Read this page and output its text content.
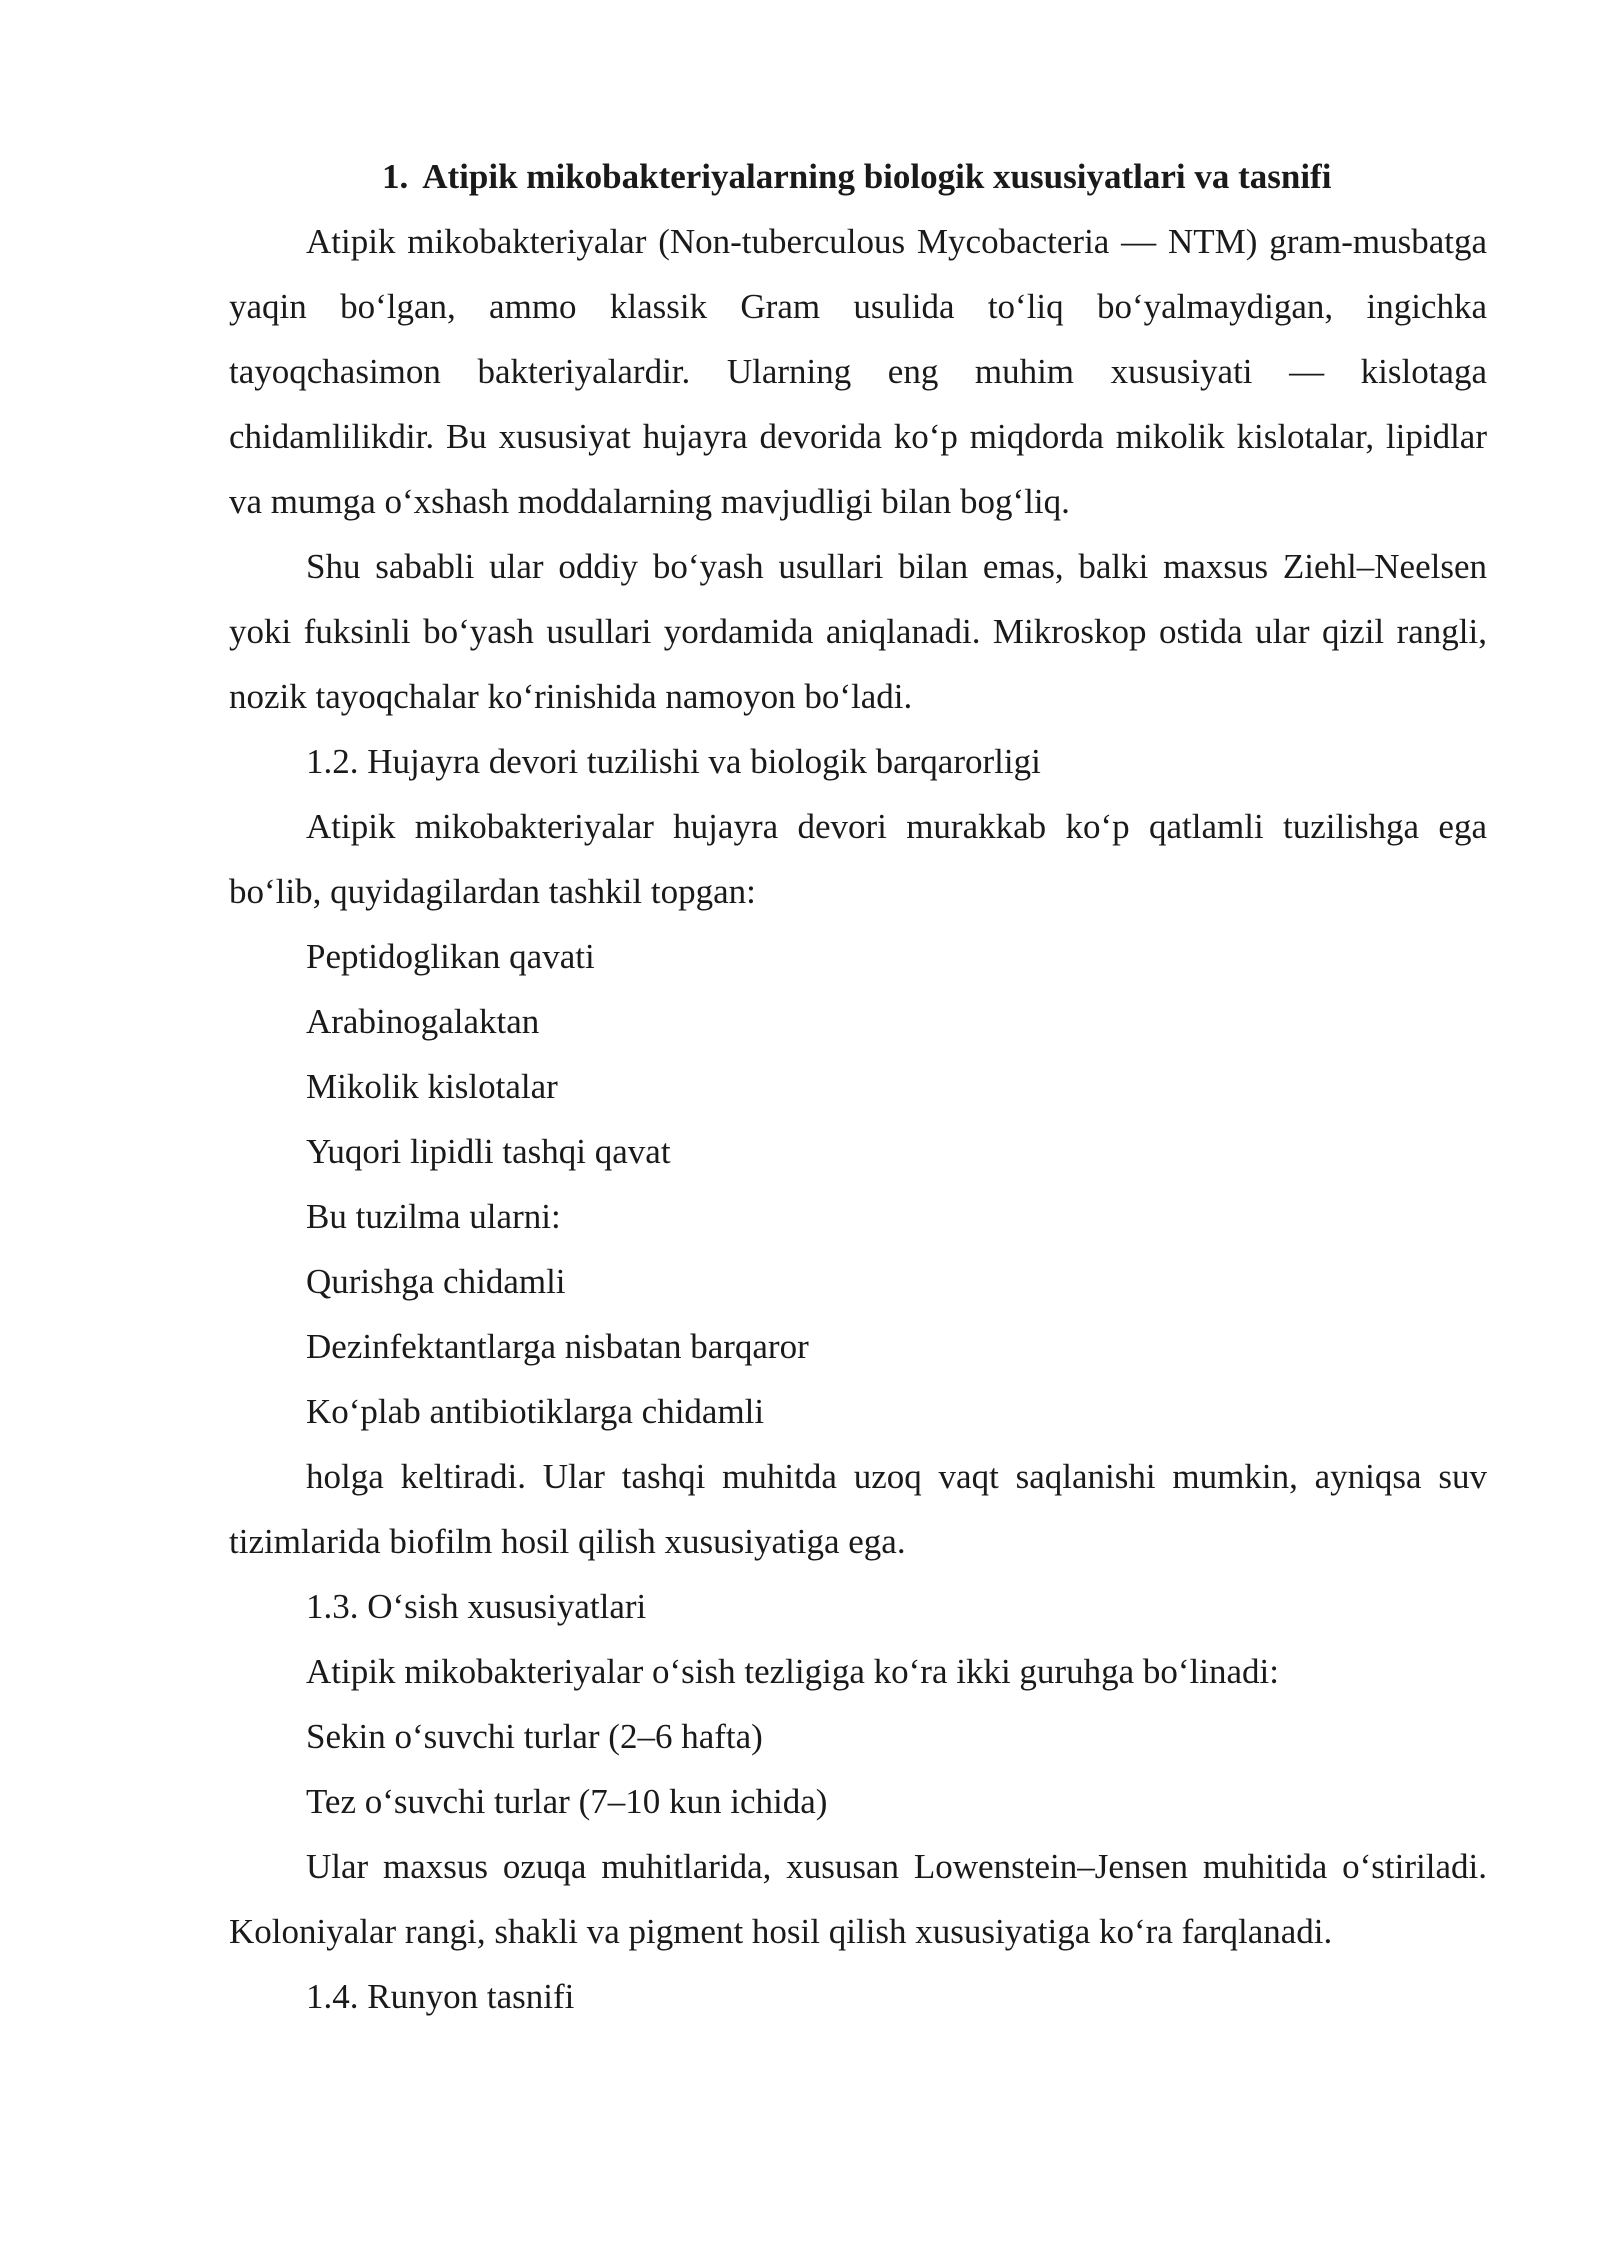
1. Atipik mikobakteriyalarning biologik xususiyatlari va tasnifi

Atipik mikobakteriyalar (Non-tuberculous Mycobacteria — NTM) gram-musbatga yaqin bo‘lgan, ammo klassik Gram usulida to‘liq bo‘yalmaydigan, ingichka tayoqchasimon bakteriyalardir. Ularning eng muhim xususiyati — kislotaga chidamlilikdir. Bu xususiyat hujayra devorida ko‘p miqdorda mikolik kislotalar, lipidlar va mumga o‘xshash moddalarning mavjudligi bilan bog‘liq.

Shu sababli ular oddiy bo‘yash usullari bilan emas, balki maxsus Ziehl–Neelsen yoki fuksinli bo‘yash usullari yordamida aniqlanadi. Mikroskop ostida ular qizil rangli, nozik tayoqchalar ko‘rinishida namoyon bo‘ladi.

1.2. Hujayra devori tuzilishi va biologik barqarorligi

Atipik mikobakteriyalar hujayra devori murakkab ko‘p qatlamli tuzilishga ega bo‘lib, quyidagilardan tashkil topgan:

Peptidoglikan qavati

Arabinogalaktan

Mikolik kislotalar

Yuqori lipidli tashqi qavat

Bu tuzilma ularni:

Qurishga chidamli

Dezinfektantlarga nisbatan barqaror

Ko‘plab antibiotiklarga chidamli

holga keltiradi. Ular tashqi muhitda uzoq vaqt saqlanishi mumkin, ayniqsa suv tizimlarida biofilm hosil qilish xususiyatiga ega.

1.3. O‘sish xususiyatlari

Atipik mikobakteriyalar o‘sish tezligiga ko‘ra ikki guruhga bo‘linadi:

Sekin o‘suvchi turlar (2–6 hafta)

Tez o‘suvchi turlar (7–10 kun ichida)

Ular maxsus ozuqa muhitlarida, xususan Lowenstein–Jensen muhitida o‘stiriladi. Koloniyalar rangi, shakli va pigment hosil qilish xususiyatiga ko‘ra farqlanadi.

1.4. Runyon tasnifi
